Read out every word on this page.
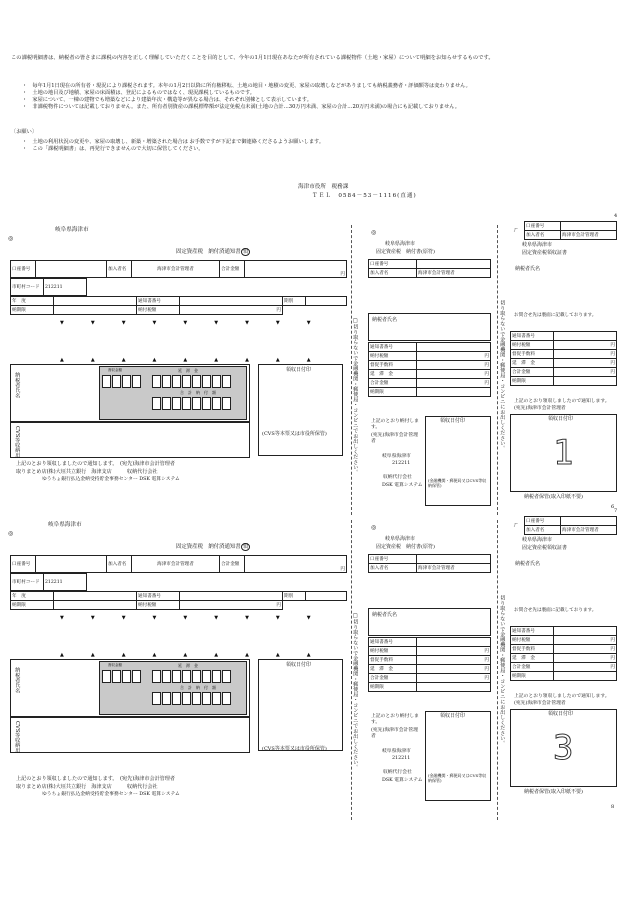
この課税明細書は、納税者の皆さまに課税の内容を正しく理解していただくことを目的として、今年の1月1日現在あなたが所有されている課税物件（土地・家屋）について明細をお知らせするものです。
・　毎年1月1日現在の所有者・現況により課税されます。本年の1月2日以降に所有権移転、土地の地目・地積の変更、家屋の取壊しなどがありましても納税義務者・評価額等は変わりません。
・　土地の地目及び地積、家屋の床面積は、登記によるものではなく、現況課税しているものです。
・　家屋について、一棟の建物でも増築などにより建築年次・構造等が異なる場合は、それぞれ別棟として表示しています。
・　非課税物件については記載しておりません。また、所有者別資産の課税標準額が法定免税点未満(土地の合計…30万円未満、家屋の合計…20万円未満)の場合にも記載しておりません。
〔お願い〕
・　土地の利用状況の変更や、家屋の取壊し、新築・増築された場合は お手数ですが下記まで御連絡くださるようお願いします。
・　この「課税明細書」は、再発行できませんので大切に保管してください。
海津市役所　税務課
ＴＥＬ　0584－53－1116(直通)
岐阜県海津市
◎
固定資産税　納付済通知書 領
口座番号		加入者名	海津市会計管理者	合計金額	円
市町村コード	212211	
年　度		通知書番号		期別	
納期限		納付税額	円		
▼▼▼▼▼▼▼▼▼
▲▲▲▲▲▲▲▲▲
納税者氏名
CVS等収納用
督収金額	延　滞　金
合　計　納　付　額
領収日付印
(CVS等本票又は市役所保管)
上記のとおり領収しましたので通知します。　 (宛先)海津市会計管理者
取りまとめ店(株)大垣共立銀行　海津支店　　　	収納代行会社
ゆうちょ銀行払込金納受持貯金事務センター DSK 電算システム
□切り取らないで金融機関・郵便局・コンビニでお出しください。
◎
岐阜県海津市
固定資産税　納付書(原符)
口座番号	
加入者名	海津市会計管理者
納税者氏名
通知書番号	
納付税額	円
督促手数料	円
延　滞　金	円
合計金額	円
納期限	
上記のとおり納付します。
(宛先)海津市会計管理者
岐阜県海津市
212211
収納代行会社
DSK 電算システム
領収日付印
(金融機関・郵便局又はCVS等収納保管)
切り取らないで金融機関・郵便局・コンビニにお出しください。
4
ㄏ
口座番号	
加入者名	海津市会計管理者
岐阜県海津市
固定資産税領収証書
納税者氏名
お問合せ先は裏面に記載しております。
通知書番号	
納付税額	円
督促手数料	円
延　滞　金	円
合計金額	円
納期限	
上記のとおり領収しましたので通知します。
(宛先)海津市会計管理者
領収日付印
1
納税者保管(取入印紙不要)
6
岐阜県海津市
◎
固定資産税　納付済通知書 領
口座番号		加入者名	海津市会計管理者	合計金額	円
市町村コード	212211	
年　度		通知書番号		期別	
納期限		納付税額	円		
▼▼▼▼▼▼▼▼▼
▲▲▲▲▲▲▲▲▲
納税者氏名
CVS等収納用
督収金額	延　滞　金
合　計　納　付　額
領収日付印
(CVS等本票又は市役所保管)
上記のとおり領収しましたので通知します。　 (宛先)海津市会計管理者
取りまとめ店(株)大垣共立銀行　海津支店　　　	収納代行会社
ゆうちょ銀行払込金納受持貯金事務センター DSK 電算システム
□切り取らないで金融機関・郵便局・コンビニでお出しください。
◎
岐阜県海津市
固定資産税　納付書(原符)
口座番号	
加入者名	海津市会計管理者
納税者氏名
通知書番号	
納付税額	円
督促手数料	円
延　滞　金	円
合計金額	円
納期限	
上記のとおり納付します。
(宛先)海津市会計管理者
岐阜県海津市
212211
収納代行会社
DSK 電算システム
領収日付印
(金融機関・郵便局又はCVS等収納保管)
切り取らないで金融機関・郵便局・コンビニにお出しください。
7
ㄏ
口座番号	
加入者名	海津市会計管理者
岐阜県海津市
固定資産税領収証書
納税者氏名
お問合せ先は裏面に記載しております。
通知書番号	
納付税額	円
督促手数料	円
延　滞　金	円
合計金額	円
納期限	
上記のとおり領収しましたので通知します。
(宛先)海津市会計管理者
領収日付印
3
納税者保管(取入印紙不要)
8
